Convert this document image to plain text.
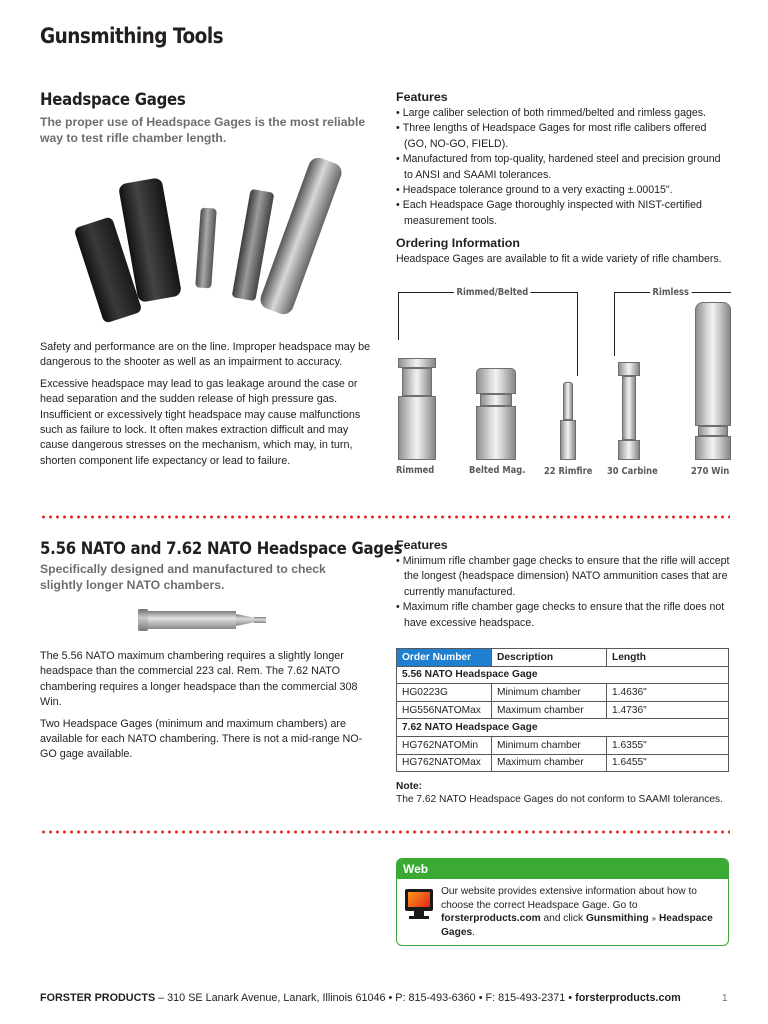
Gunsmithing Tools
Headspace Gages
The proper use of Headspace Gages is the most reliable way to test rifle chamber length.

Safety and performance are on the line. Improper headspace may be dangerous to the shooter as well as an impairment to accuracy.

Excessive headspace may lead to gas leakage around the case or head separation and the sudden release of high pressure gas. Insufficient or excessively tight headspace may cause malfunctions such as failure to lock. It often makes extraction difficult and may cause dangerous stresses on the mechanism, which may, in turn, shorten component life expectancy or lead to failure.

Features
• Large caliber selection of both rimmed/belted and rimless gages.
• Three lengths of Headspace Gages for most rifle calibers offered (GO, NO-GO, FIELD).
• Manufactured from top-quality, hardened steel and precision ground to ANSI and SAAMI tolerances.
• Headspace tolerance ground to a very exacting ±.00015".
• Each Headspace Gage thoroughly inspected with NIST-certified measurement tools.
Ordering Information
Headspace Gages are available to fit a wide variety of rifle chambers.
Rimmed/Belted	Rimless
Rimmed	Belted Mag. 22 Rimfire 30 Carbine	270 Win
5.56 NATO and 7.62 NATO Headspace Gages
Specifically designed and manufactured to check slightly longer NATO chambers.

The 5.56 NATO maximum chambering requires a slightly longer headspace than the commercial 223 cal. Rem. The 7.62 NATO chambering requires a longer headspace than the commercial 308 Win.

Two Headspace Gages (minimum and maximum chambers) are available for each NATO chambering. There is not a mid-range NO-GO gage available.

Features
• Minimum rifle chamber gage checks to ensure that the rifle will accept the longest (headspace dimension) NATO ammunition cases that are currently manufactured.
• Maximum rifle chamber gage checks to ensure that the rifle does not have excessive headspace.
Order Number	Description	Length
5.56 NATO Headspace Gage		
HG0223G	Minimum chamber	1.4636"
HG556NATOMax	Maximum chamber	1.4736"
7.62 NATO Headspace Gage		
HG762NATOMin	Minimum chamber	1.6355"
HG762NATOMax	Maximum chamber	1.6455"
Note:
The 7.62 NATO Headspace Gages do not conform to SAAMI tolerances.
Web
Our website provides extensive information about how to choose the correct Headspace Gage. Go to forsterproducts.com and click Gunsmithing » Headspace Gages.
FORSTER PRODUCTS – 310 SE Lanark Avenue, Lanark, Illinois 61046 • P: 815-493-6360 • F: 815-493-2371 • forsterproducts.com	1
